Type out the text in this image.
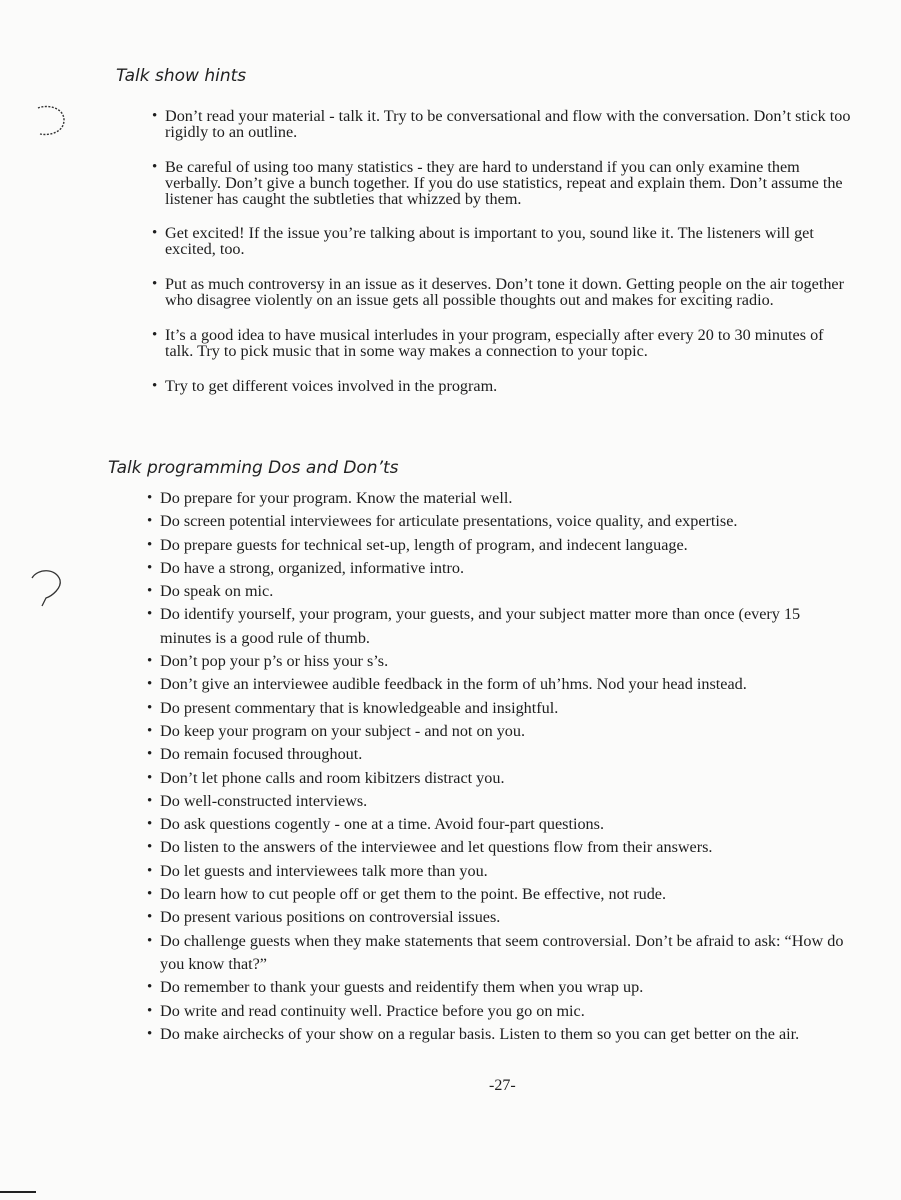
Talk show hints
• Don’t read your material - talk it. Try to be conversational and flow with the conversation. Don’t stick too rigidly to an outline.
• Be careful of using too many statistics - they are hard to understand if you can only examine them verbally. Don’t give a bunch together. If you do use statistics, repeat and explain them. Don’t assume the listener has caught the subtleties that whizzed by them.
• Get excited! If the issue you’re talking about is important to you, sound like it. The listeners will get excited, too.
• Put as much controversy in an issue as it deserves. Don’t tone it down. Getting people on the air together who disagree violently on an issue gets all possible thoughts out and makes for exciting radio.
• It’s a good idea to have musical interludes in your program, especially after every 20 to 30 minutes of talk. Try to pick music that in some way makes a connection to your topic.
• Try to get different voices involved in the program.
Talk programming Dos and Don’ts
• Do prepare for your program. Know the material well.
• Do screen potential interviewees for articulate presentations, voice quality, and expertise.
• Do prepare guests for technical set-up, length of program, and indecent language.
• Do have a strong, organized, informative intro.
• Do speak on mic.
• Do identify yourself, your program, your guests, and your subject matter more than once (every 15 minutes is a good rule of thumb.
• Don’t pop your p’s or hiss your s’s.
• Don’t give an interviewee audible feedback in the form of uh’hms. Nod your head instead.
• Do present commentary that is knowledgeable and insightful.
• Do keep your program on your subject - and not on you.
• Do remain focused throughout.
• Don’t let phone calls and room kibitzers distract you.
• Do well-constructed interviews.
• Do ask questions cogently - one at a time. Avoid four-part questions.
• Do listen to the answers of the interviewee and let questions flow from their answers.
• Do let guests and interviewees talk more than you.
• Do learn how to cut people off or get them to the point. Be effective, not rude.
• Do present various positions on controversial issues.
• Do challenge guests when they make statements that seem controversial. Don’t be afraid to ask: “How do you know that?”
• Do remember to thank your guests and reidentify them when you wrap up.
• Do write and read continuity well. Practice before you go on mic.
• Do make airchecks of your show on a regular basis. Listen to them so you can get better on the air.
-27-
